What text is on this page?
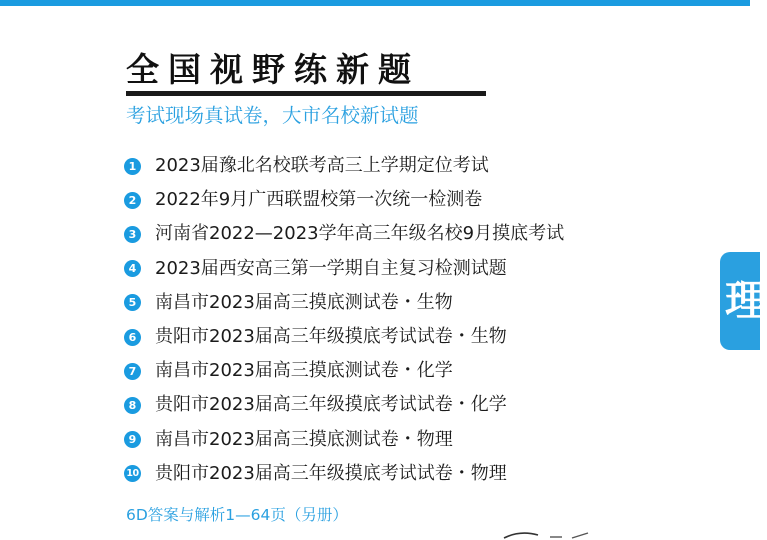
全国视野练新题
考试现场真试卷，大市名校新试题
1 2023届豫北名校联考高三上学期定位考试
2 2022年9月广西联盟校第一次统一检测卷
3 河南省2022—2023学年高三年级名校9月摸底考试
4 2023届西安高三第一学期自主复习检测试题
5 南昌市2023届高三摸底测试卷・生物
6 贵阳市2023届高三年级摸底考试试卷・生物
7 南昌市2023届高三摸底测试卷・化学
8 贵阳市2023届高三年级摸底考试试卷・化学
9 南昌市2023届高三摸底测试卷・物理
10 贵阳市2023届高三年级摸底考试试卷・物理
6D答案与解析1—64页（另册）
理
